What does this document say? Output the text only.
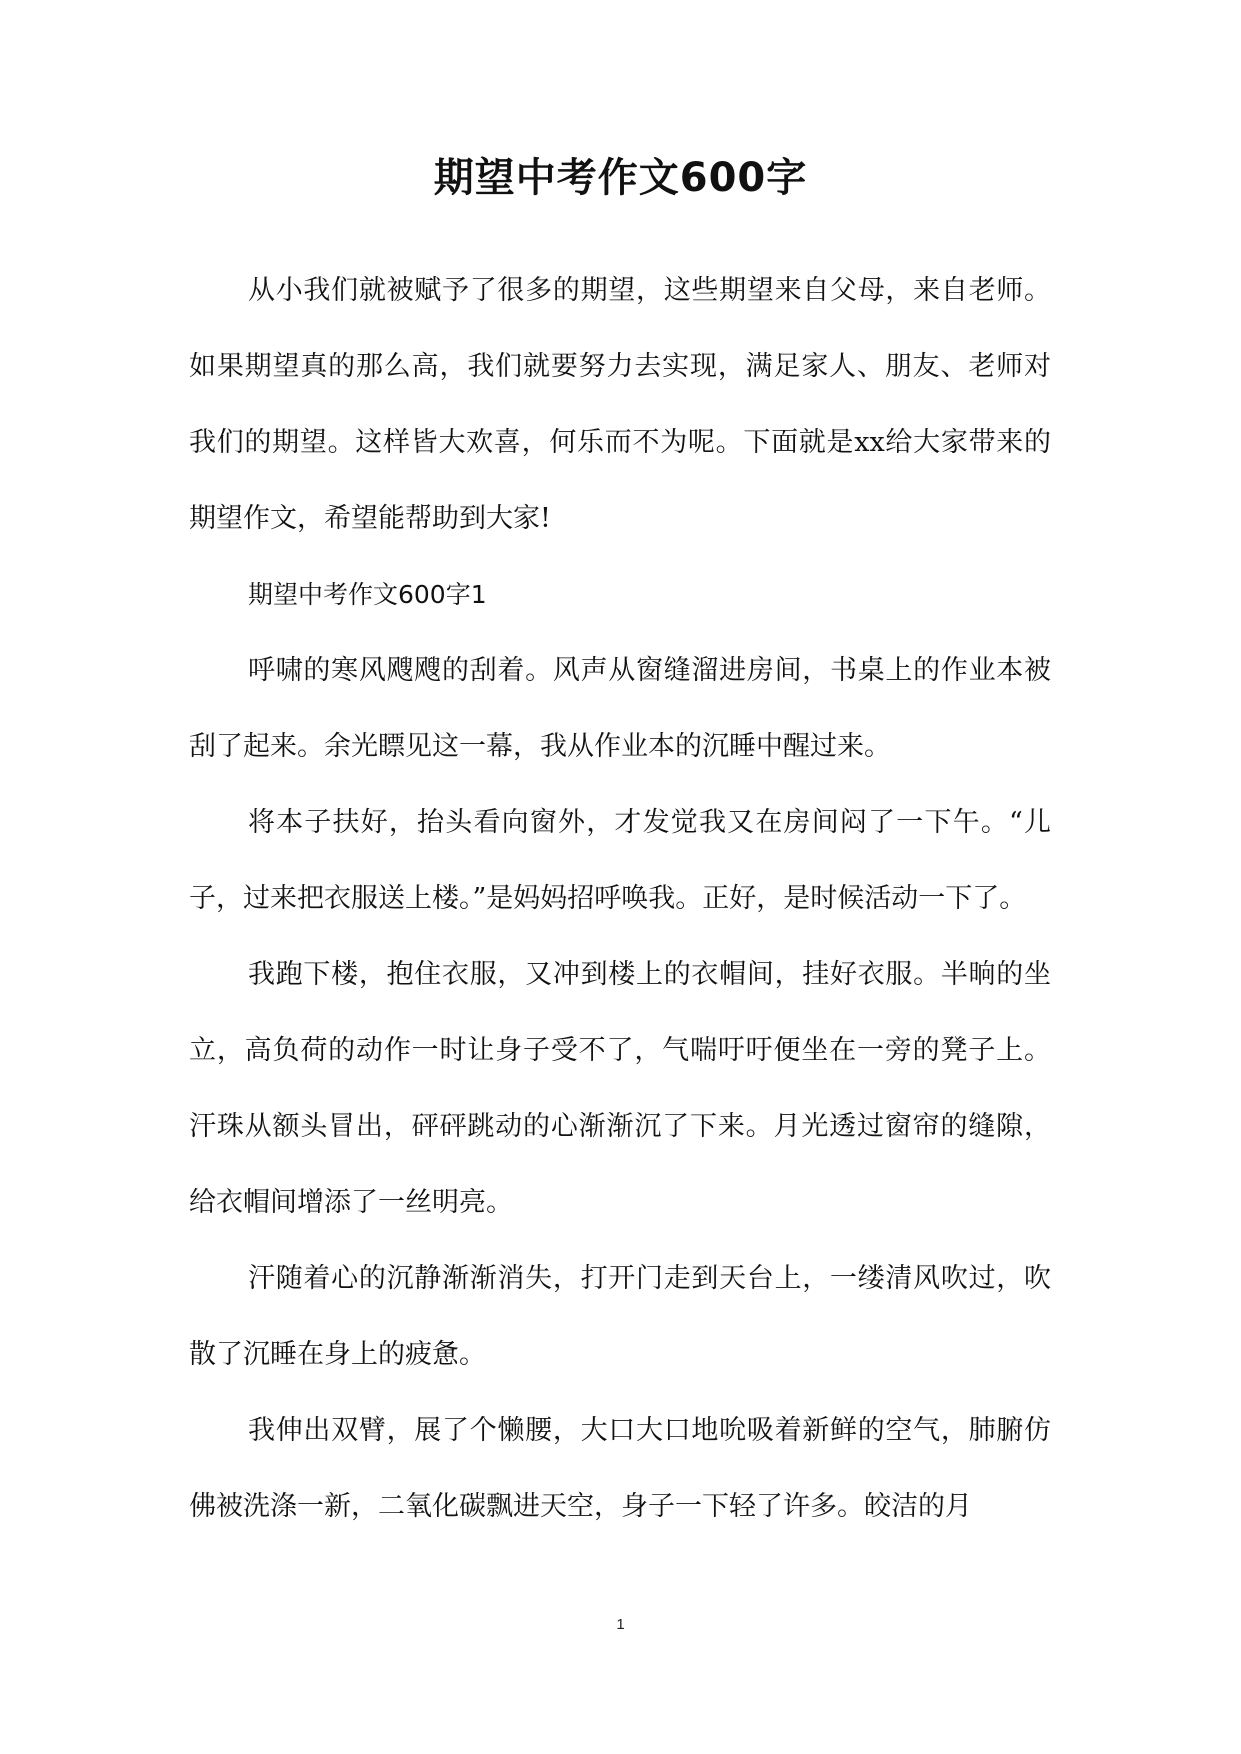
期望中考作文600字

从小我们就被赋予了很多的期望，这些期望来自父母，来自老师。如果期望真的那么高，我们就要努力去实现，满足家人、朋友、老师对我们的期望。这样皆大欢喜，何乐而不为呢。下面就是xx给大家带来的期望作文，希望能帮助到大家!

期望中考作文600字1

呼啸的寒风飕飕的刮着。风声从窗缝溜进房间，书桌上的作业本被刮了起来。余光瞟见这一幕，我从作业本的沉睡中醒过来。

将本子扶好，抬头看向窗外，才发觉我又在房间闷了一下午。“儿子，过来把衣服送上楼。”是妈妈招呼唤我。正好，是时候活动一下了。

我跑下楼，抱住衣服，又冲到楼上的衣帽间，挂好衣服。半晌的坐立，高负荷的动作一时让身子受不了，气喘吁吁便坐在一旁的凳子上。汗珠从额头冒出，砰砰跳动的心渐渐沉了下来。月光透过窗帘的缝隙，给衣帽间增添了一丝明亮。

汗随着心的沉静渐渐消失，打开门走到天台上，一缕清风吹过，吹散了沉睡在身上的疲惫。

我伸出双臂，展了个懒腰，大口大口地吮吸着新鲜的空气，肺腑仿佛被洗涤一新，二氧化碳飘进天空，身子一下轻了许多。皎洁的月

1
